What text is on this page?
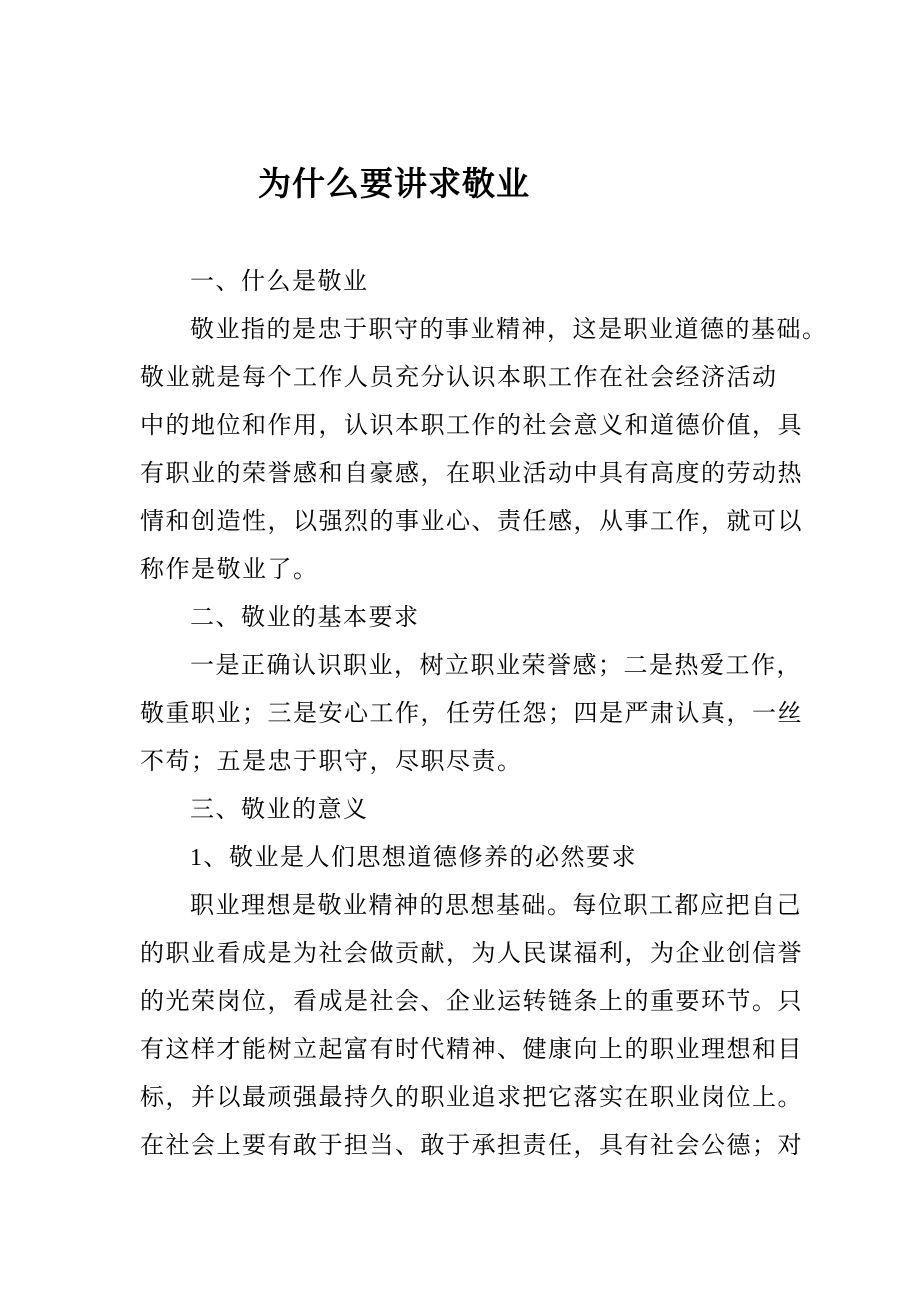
为什么要讲求敬业
一、什么是敬业
敬业指的是忠于职守的事业精神，这是职业道德的基础。
敬业就是每个工作人员充分认识本职工作在社会经济活动
中的地位和作用，认识本职工作的社会意义和道德价值，具
有职业的荣誉感和自豪感，在职业活动中具有高度的劳动热
情和创造性，以强烈的事业心、责任感，从事工作，就可以
称作是敬业了。
二、敬业的基本要求
一是正确认识职业，树立职业荣誉感；二是热爱工作，
敬重职业；三是安心工作，任劳任怨；四是严肃认真，一丝
不苟；五是忠于职守，尽职尽责。
三、敬业的意义
1、敬业是人们思想道德修养的必然要求
职业理想是敬业精神的思想基础。每位职工都应把自己
的职业看成是为社会做贡献，为人民谋福利，为企业创信誉
的光荣岗位，看成是社会、企业运转链条上的重要环节。只
有这样才能树立起富有时代精神、健康向上的职业理想和目
标，并以最顽强最持久的职业追求把它落实在职业岗位上。
在社会上要有敢于担当、敢于承担责任，具有社会公德；对
